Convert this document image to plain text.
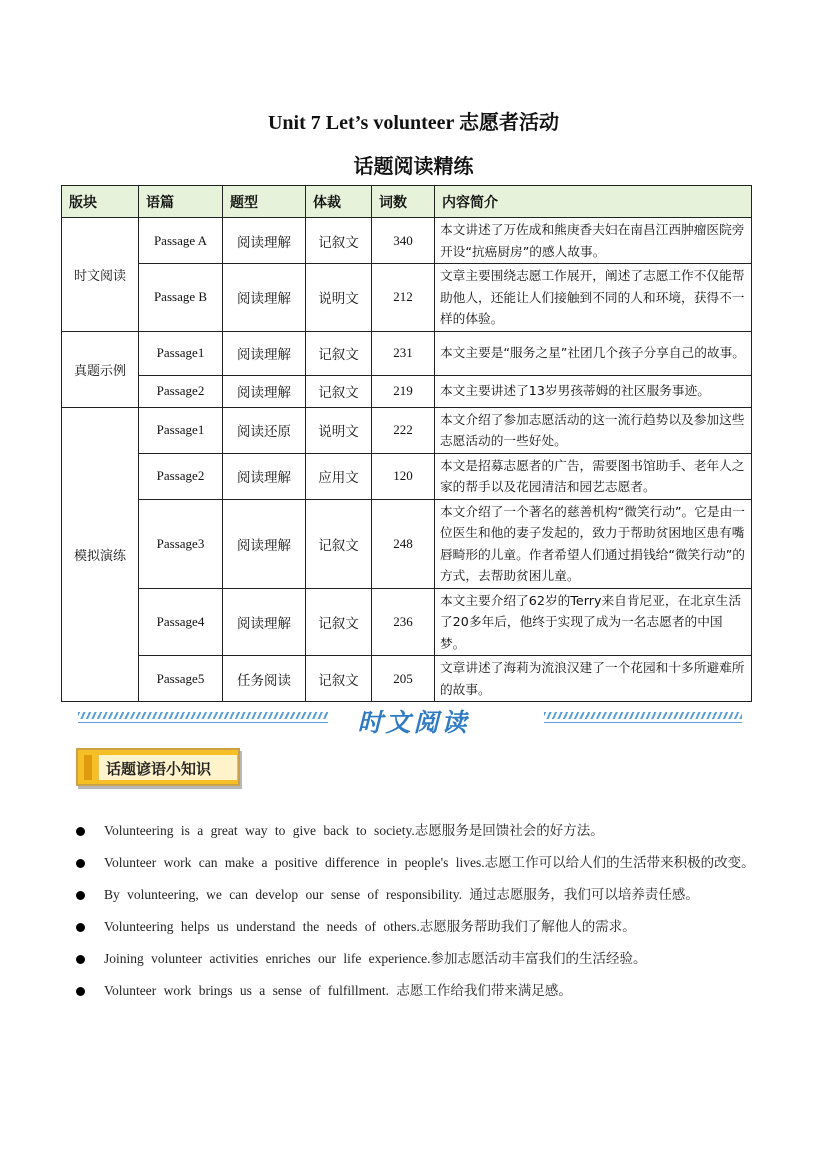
Unit 7 Let’s volunteer 志愿者活动
话题阅读精练
版块	语篇	题型	体裁	词数	内容简介
时文阅读	Passage A	阅读理解	记叙文	340	本文讲述了万佐成和熊庚香夫妇在南昌江西肿瘤医院旁开设“抗癌厨房”的感人故事。
	Passage B	阅读理解	说明文	212	文章主要围绕志愿工作展开，阐述了志愿工作不仅能帮助他人，还能让人们接触到不同的人和环境，获得不一样的体验。
真题示例	Passage1	阅读理解	记叙文	231	本文主要是“服务之星”社团几个孩子分享自己的故事。
	Passage2	阅读理解	记叙文	219	本文主要讲述了13岁男孩蒂姆的社区服务事迹。
模拟演练	Passage1	阅读还原	说明文	222	本文介绍了参加志愿活动的这一流行趋势以及参加这些志愿活动的一些好处。
	Passage2	阅读理解	应用文	120	本文是招募志愿者的广告，需要图书馆助手、老年人之家的帮手以及花园清洁和园艺志愿者。
	Passage3	阅读理解	记叙文	248	本文介绍了一个著名的慈善机构“微笑行动”。它是由一位医生和他的妻子发起的，致力于帮助贫困地区患有嘴唇畸形的儿童。作者希望人们通过捐钱给“微笑行动”的方式，去帮助贫困儿童。
	Passage4	阅读理解	记叙文	236	本文主要介绍了62岁的Terry来自肯尼亚，在北京生活了20多年后，他终于实现了成为一名志愿者的中国梦。
	Passage5	任务阅读	记叙文	205	文章讲述了海莉为流浪汉建了一个花园和十多所避难所的故事。
时文阅读
话题谚语小知识
Volunteering is a great way to give back to society.志愿服务是回馈社会的好方法。
Volunteer work can make a positive difference in people's lives.志愿工作可以给人们的生活带来积极的改变。
By volunteering, we can develop our sense of responsibility. 通过志愿服务，我们可以培养责任感。
Volunteering helps us understand the needs of others.志愿服务帮助我们了解他人的需求。
Joining volunteer activities enriches our life experience.参加志愿活动丰富我们的生活经验。
Volunteer work brings us a sense of fulfillment. 志愿工作给我们带来满足感。
